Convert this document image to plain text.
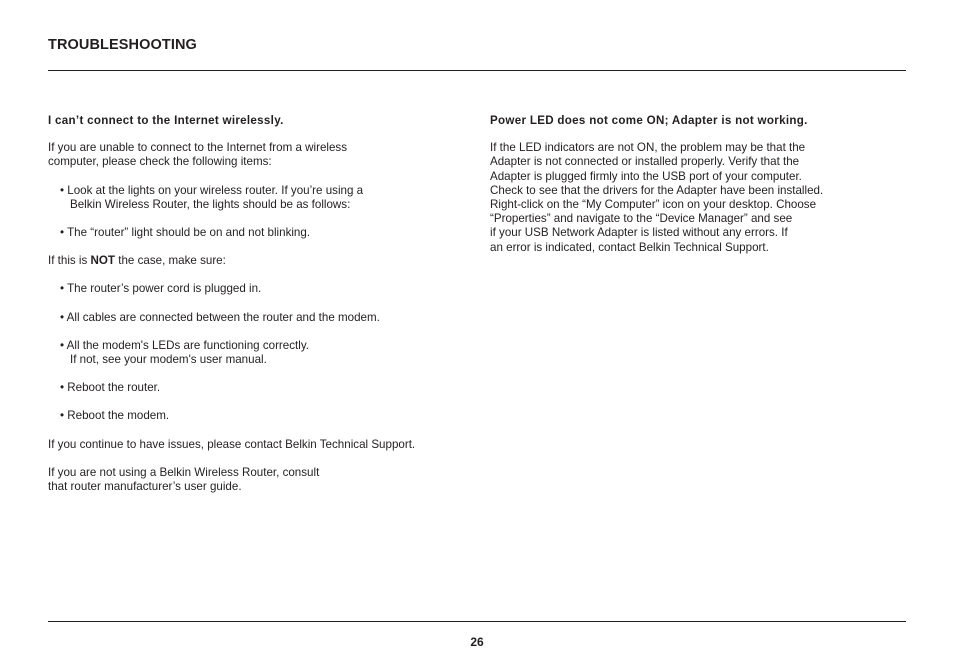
TROUBLESHOOTING

I can’t connect to the Internet wirelessly.

If you are unable to connect to the Internet from a wireless
computer, please check the following items:

• Look at the lights on your wireless router. If you’re using a
Belkin Wireless Router, the lights should be as follows:
• The “router” light should be on and not blinking.

If this is NOT the case, make sure:

• The router’s power cord is plugged in.
• All cables are connected between the router and the modem.
• All the modem's LEDs are functioning correctly.
If not, see your modem's user manual.
• Reboot the router.
• Reboot the modem.

If you continue to have issues, please contact Belkin Technical Support.

If you are not using a Belkin Wireless Router, consult
that router manufacturer’s user guide.

Power LED does not come ON; Adapter is not working.

If the LED indicators are not ON, the problem may be that the
Adapter is not connected or installed properly. Verify that the
Adapter is plugged firmly into the USB port of your computer.
Check to see that the drivers for the Adapter have been installed.
Right-click on the “My Computer” icon on your desktop. Choose
“Properties” and navigate to the “Device Manager” and see
if your USB Network Adapter is listed without any errors. If
an error is indicated, contact Belkin Technical Support.

26
